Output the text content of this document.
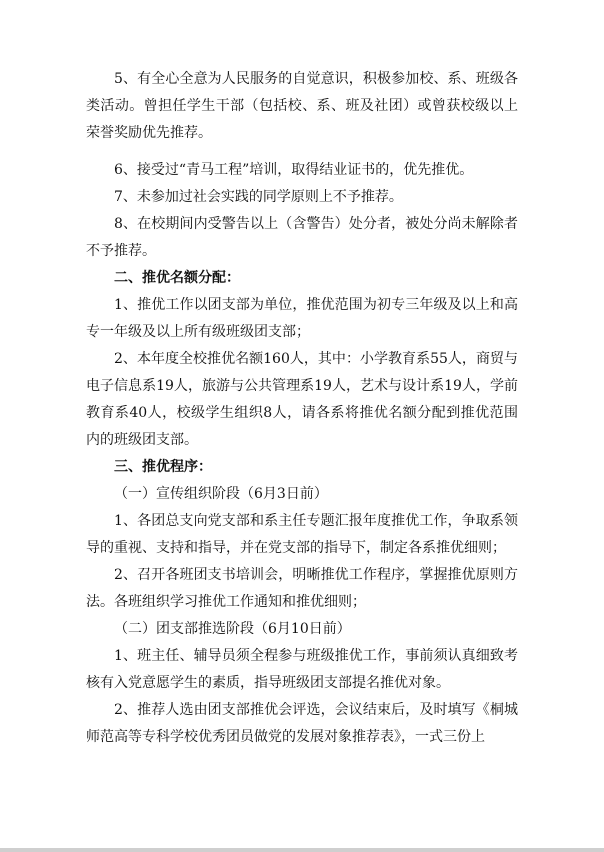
5、有全心全意为人民服务的自觉意识，积极参加校、系、班级各类活动。曾担任学生干部（包括校、系、班及社团）或曾获校级以上荣誉奖励优先推荐。

6、接受过“青马工程”培训，取得结业证书的，优先推优。

7、未参加过社会实践的同学原则上不予推荐。

8、在校期间内受警告以上（含警告）处分者，被处分尚未解除者不予推荐。

二、推优名额分配：

1、推优工作以团支部为单位，推优范围为初专三年级及以上和高专一年级及以上所有级班级团支部；

2、本年度全校推优名额160人，其中：小学教育系55人，商贸与电子信息系19人，旅游与公共管理系19人，艺术与设计系19人，学前教育系40人，校级学生组织8人，请各系将推优名额分配到推优范围内的班级团支部。

三、推优程序：

（一）宣传组织阶段（6月3日前）

1、各团总支向党支部和系主任专题汇报年度推优工作，争取系领导的重视、支持和指导，并在党支部的指导下，制定各系推优细则；

2、召开各班团支书培训会，明晰推优工作程序，掌握推优原则方法。各班组织学习推优工作通知和推优细则；

（二）团支部推选阶段（6月10日前）

1、班主任、辅导员须全程参与班级推优工作，事前须认真细致考核有入党意愿学生的素质，指导班级团支部提名推优对象。

2、推荐人选由团支部推优会评选，会议结束后，及时填写《桐城师范高等专科学校优秀团员做党的发展对象推荐表》，一式三份上
